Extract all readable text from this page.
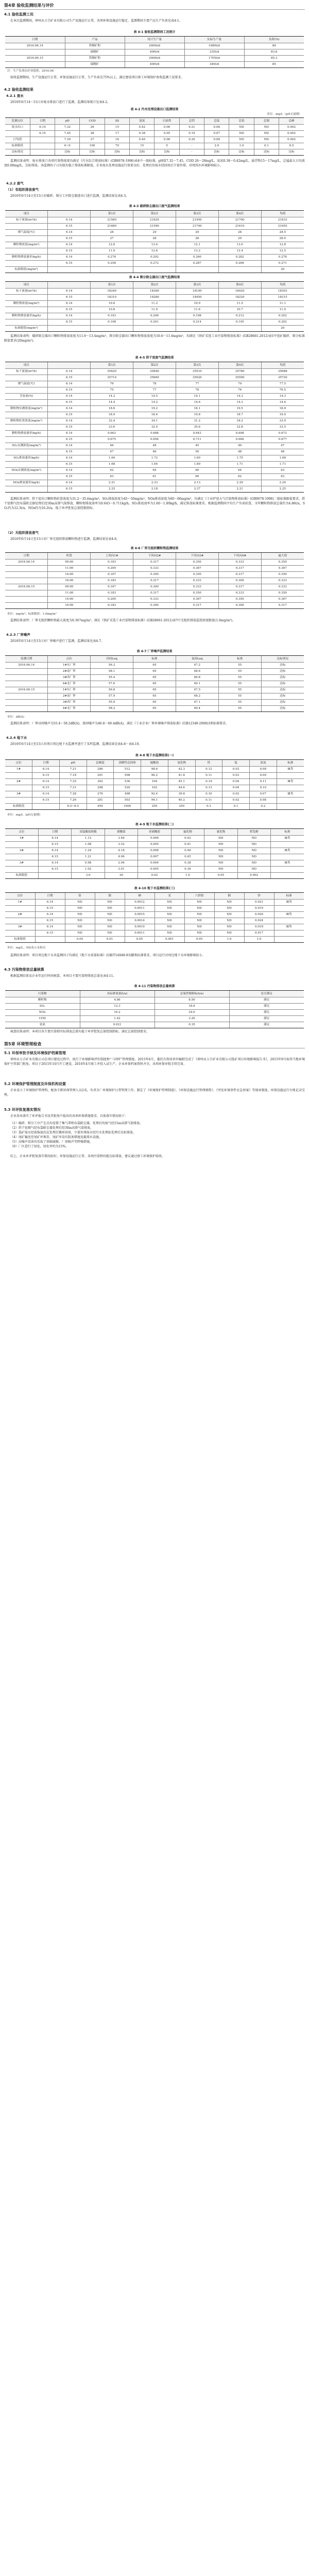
第4章 验收监测结果与评价
4.1 验收监测工况
在本次监测期间，神州永万合矿业有限公司生产设施运行正常，各项环保设施运行稳定，监测期间主要产品生产负荷见表4-1。
表 4-1 验收监测期间工况统计
日期	产品	设计生产量	实际生产量	负荷(%)
2016.06.14	铁精矿粉	2000t/d	1680t/d	84
	硫精矿	400t/d	335t/d	83.8
2016.06.15	铁精矿粉	2000t/d	1705t/d	85.3
	硫精矿	400t/d	340t/d	85
注：生产负荷由企业提供，2016.06
验收监测期间，生产设施运行正常，环保设施运行正常，生产负荷达75%以上，满足建设项目竣工环境保护验收监测工况要求。
4.2 验收监测结果
4.2.1 废水
2016年6月14～15日对废水排放口进行了监测，监测结果统计见表4-2。
表 4-2 污水处理设施出口监测结果
单位：mg/L（pH无量纲）
监测点位	日期	pH	COD	SS	氨氮	石油类	总铁	总锰	总铅	总镉	总砷
废水出口	6.14	7.32	26	15	0.42	0.06	0.21	0.08	ND	ND	0.002
	6.15	7.45	28	17	0.38	0.05	0.19	0.07	ND	ND	0.002
日均值		7.39	27	16	0.40	0.06	0.20	0.08	ND	ND	0.002
标准限值		6~9	100	70	15	5	-	2.0	1.0	0.1	0.5
达标情况		达标	达标	达标	达标	达标	-	达标	达标	达标	达标
监测结果表明：废水排放口各项污染物浓度均满足《污水综合排放标准》(GB8978-1996)表4中一级标准，pH值7.32～7.45，COD 26～28mg/L，氨氮0.38～0.42mg/L，悬浮物15～17mg/L，总锰最大日均浓度0.08mg/L，达标排放。各监测因子日均值均低于排放标准限值，企业废水处理设施运行效果良好，处理后的废水经回用后少量外排，对周围水环境影响较小。
4.2.2 废气
（1）有组织排放废气
2016年6月14日至15日对破碎、筛分工序除尘器进出口进行监测，监测结果见表4-3。
表 4-3 破碎除尘器出口废气监测结果
项目		第1次	第2次	第3次	第4次	均值
标干流量(m³/h)	6.14	21560	21820	21450	21700	21633
	6.15	21680	21590	21740	21610	21655
烟气温度(℃)	6.14	28	29	29	28	28.5
	6.15	27	28	28	29	28.0
颗粒物浓度(mg/m³)	6.14	12.8	13.4	12.1	13.0	12.8
	6.15	11.9	12.6	13.2	12.4	12.5
颗粒物排放速率(kg/h)	6.14	0.276	0.292	0.260	0.282	0.278
	6.15	0.258	0.272	0.287	0.268	0.271
标准限值(mg/m³)						20
表 4-4 筛分除尘器出口废气监测结果
项目		第1次	第2次	第3次	第4次	均值
标干流量(m³/h)	6.14	18240	18360	18190	18420	18303
	6.15	18310	18280	18450	18220	18315
颗粒物浓度(mg/m³)	6.14	10.6	11.2	10.9	11.5	11.1
	6.15	10.8	11.0	11.6	10.7	11.0
颗粒物排放速率(kg/h)	6.14	0.193	0.206	0.198	0.212	0.202
	6.15	0.198	0.201	0.214	0.195	0.202
标准限值(mg/m³)						20
监测结果表明：破碎除尘器出口颗粒物排放浓度为11.9～13.4mg/m³，筛分除尘器出口颗粒物排放浓度为10.6～11.6mg/m³，均满足《铁矿采选工业污染物排放标准》(GB28661-2012)表5中选矿破碎、筛分标准限值要求(20mg/m³)。
表 4-5 烘干窑废气监测结果
项目		第1次	第2次	第3次	第4次	均值
标干流量(m³/h)	6.14	35620	35840	35510	35780	35688
	6.15	35710	35660	35920	35590	35720
烟气温度(℃)	6.14	76	78	77	79	77.5
	6.15	75	77	78	76	76.5
含氧量(%)	6.14	14.2	14.5	14.1	14.3	14.3
	6.15	14.4	14.2	14.6	14.3	14.4
颗粒物实测浓度(mg/m³)	6.14	18.6	19.2	18.1	19.5	18.9
	6.15	18.9	18.4	19.8	18.7	19.0
颗粒物折算浓度(mg/m³)	6.14	32.4	34.1	31.2	34.2	33.0
	6.15	33.6	32.0	35.6	32.8	33.5
颗粒物排放速率(kg/h)	6.14	0.663	0.688	0.643	0.698	0.673
	6.15	0.675	0.656	0.711	0.666	0.677
SO₂实测浓度(mg/m³)	6.14	46	48	45	49	47
	6.15	47	46	50	48	48
SO₂排放速率(kg/h)	6.14	1.64	1.72	1.60	1.75	1.68
	6.15	1.68	1.64	1.80	1.71	1.71
NOx实测浓度(mg/m³)	6.14	62	65	60	64	63
	6.15	63	61	66	62	63
NOx排放速率(kg/h)	6.14	2.21	2.33	2.13	2.29	2.24
	6.15	2.25	2.18	2.37	2.21	2.25
监测结果表明：烘干窑出口颗粒物折算浓度为31.2～35.6mg/m³，SO₂排放浓度为45～50mg/m³，NOx排放浓度为60～66mg/m³，均满足《工业炉窑大气污染物排放标准》(GB9078-1996)二级标准限值要求。烘干窑烟气经布袋除尘器处理后经30m高排气筒排放，颗粒物排放速率为0.643～0.711kg/h，SO₂排放速率为1.60～1.80kg/h，满足排放标准要求。根据监测期间平均生产负荷折算，全年颗粒物排放总量约为4.86t/a，SO₂约为12.3t/a，NOx约为16.2t/a，低于环评批复总量控制指标。
（2）无组织排放废气
2016年6月14日至15日对厂界无组织排放颗粒物进行监测，监测结果见表4-6。
表 4-6 厂界无组织颗粒物监测结果
日期	时段	上风向1#	下风向2#	下风向3#	下风向4#	最大值
2016.06.14	09:00	0.183	0.317	0.350	0.333	0.350
	11:00	0.200	0.333	0.367	0.317	0.367
	14:00	0.167	0.300	0.350	0.317	0.350
	16:00	0.183	0.317	0.333	0.300	0.333
2016.06.15	09:00	0.167	0.300	0.333	0.317	0.333
	11:00	0.183	0.317	0.350	0.333	0.350
	14:00	0.200	0.333	0.367	0.350	0.367
	16:00	0.183	0.300	0.317	0.300	0.317
单位：mg/m³；标准限值：1.0mg/m³
监测结果表明：厂界无组织颗粒物最大浓度为0.367mg/m³，满足《铁矿采选工业污染物排放标准》(GB28661-2012)表7中无组织排放监控浓度限值(1.0mg/m³)。
4.2.3 厂界噪声
2016年6月14日至15日对厂界噪声进行了监测，监测结果见表4-7。
表 4-7 厂界噪声监测结果
监测日期	点位	昼间Leq	标准	夜间Leq	标准	达标情况
2016.06.14	1#东厂界	56.3	65	47.2	55	达标
	2#南厂界	58.1	65	48.6	55	达标
	3#西厂界	55.4	65	46.8	55	达标
	4#北厂界	57.6	65	49.1	55	达标
2016.06.15	1#东厂界	56.8	65	47.5	55	达标
	2#南厂界	57.9	65	48.2	55	达标
	3#西厂界	55.9	65	47.1	55	达标
	4#北厂界	58.2	65	49.4	55	达标
单位：dB(A)
监测结果表明：厂界昼间噪声为55.4～58.2dB(A)，夜间噪声为46.8～49.4dB(A)，满足《工业企业厂界环境噪声排放标准》(GB12348-2008)3类标准要求。
4.2.4 地下水
2016年6月14日至15日对项目周边地下水监测井进行了采样监测，监测结果见表4-8～表4-10。
表 4-8 地下水监测结果(一)
点位	日期	pH	总硬度	溶解性总固体	硫酸盐	氯化物	铁	锰	氨氮	标准
1#	6.14	7.21	286	512	98.6	42.3	0.12	0.03	0.08	Ⅲ类
	6.15	7.18	291	508	96.2	41.8	0.11	0.03	0.09	
2#	6.14	7.35	302	536	104	45.1	0.14	0.04	0.11	Ⅲ类
	6.15	7.31	298	529	102	44.6	0.13	0.04	0.10	
3#	6.14	7.28	276	498	92.4	39.8	0.10	0.02	0.07	Ⅲ类
	6.15	7.26	281	503	94.1	40.2	0.11	0.02	0.08	
标准限值		6.5~8.5	450	1000	250	250	0.3	0.1	0.2	
单位：mg/L（pH无量纲）
表 4-9 地下水监测结果(二)
点位	日期	高锰酸盐指数	硝酸盐	亚硝酸盐	氟化物	氰化物	挥发酚	标准
1#	6.14	1.12	3.46	0.006	0.42	ND	ND	Ⅲ类
	6.15	1.08	3.52	0.005	0.41	ND	ND	
2#	6.14	1.24	4.18	0.008	0.46	ND	ND	Ⅲ类
	6.15	1.21	4.06	0.007	0.45	ND	ND	
3#	6.14	0.98	2.94	0.004	0.38	ND	ND	Ⅲ类
	6.15	1.02	3.01	0.005	0.39	ND	ND	
标准限值		3.0	20	0.02	1.0	0.05	0.002	
表 4-10 地下水监测结果(三)
点位	日期	铅	镉	砷	汞	六价铬	铜	锌	标准
1#	6.14	ND	ND	0.0012	ND	ND	ND	0.021	Ⅲ类
	6.15	ND	ND	0.0011	ND	ND	ND	0.019	
2#	6.14	ND	ND	0.0015	ND	ND	ND	0.026	Ⅲ类
	6.15	ND	ND	0.0014	ND	ND	ND	0.024	
3#	6.14	ND	ND	0.0010	ND	ND	ND	0.018	Ⅲ类
	6.15	ND	ND	0.0011	ND	ND	ND	0.017	
标准限值		0.05	0.01	0.05	0.001	0.05	1.0	1.0	
单位：mg/L；ND表示未检出
监测结果表明：项目周边地下水各监测因子均满足《地下水质量标准》(GB/T14848-93)Ⅲ类标准要求，项目运行对周边地下水环境影响较小。
4.3 污染物排放总量核算
根据监测结果及企业年运行时间核算，本项目主要污染物排放总量见表4-11。
表 4-11 污染物排放总量核算
污染物	实际排放量(t/a)	总量控制指标(t/a)	是否满足
颗粒物	4.86	8.50	满足
SO₂	12.3	18.6	满足
NOx	16.2	24.0	满足
COD	1.42	3.20	满足
氨氮	0.021	0.35	满足
核算结果表明：本项目各主要污染物实际排放总量均低于环评批复总量控制指标，满足总量控制要求。
第5章 环境管理检查
5.1 环保审批手续及环境保护档案管理
神州永万合矿业有限公司在项目建设过程中，执行了环境影响评价制度和“三同时”管理制度。2015年6月，委托有资质单位编制完成了《神州永万合矿业有限公司选矿项目环境影响报告书》，2015年9月取得当地环境保护主管部门批复。项目于2015年10月开工建设，2016年4月竣工并投入试生产。企业环保档案资料齐全，各项环保审批手续完备。
5.2 环境保护管理制度及环保机构设置
企业设立了环境保护管理科，配备专职环保管理人员2名，负责全厂环境保护日常管理工作。制定了《环境保护管理制度》、《环保设施运行管理规程》、《突发环境事件应急预案》等规章制度，环保设施运行台账记录完整。
5.3 环评批复落实情况
企业基本落实了环评报告书及其批复中提出的各项环保措施要求，具体落实情况如下：
（1）破碎、筛分工序产尘点均设置了集气罩和布袋除尘器，处理后的废气经15m高排气筒排放。
（2）烘干窑烟气经布袋除尘器处理后经30m高排气筒排放。
（3）选矿废水经浓缩池沉淀处理后循环回用，少量外排废水经污水处理站处理后达标排放。
（4）尾矿输送至尾矿库堆存，尾矿库设有防渗措施及截排水设施。
（5）高噪声设备均采取了基础减振、厂房隔声等降噪措施。
（6）厂区进行了绿化，绿化率约为15%。
综上，企业环评批复落实情况较好，环保设施运行正常，各项污染物均能达标排放，建议通过竣工环境保护验收。
